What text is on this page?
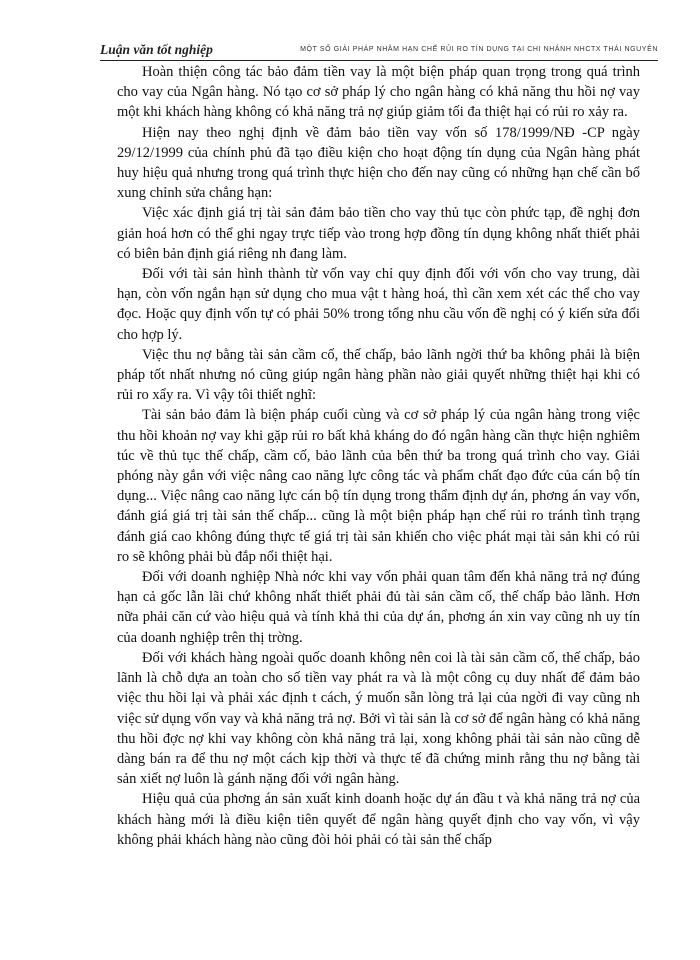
Luận văn tốt nghiệp	MỘT SỐ GIẢI PHÁP NHẰM HẠN CHẾ RỦI RO TÍN DỤNG TẠI CHI NHÁNH NHCTX THÁI NGUYÊN

Hoàn thiện công tác bảo đảm tiền vay là một biện pháp quan trọng trong quá trình cho vay của Ngân hàng. Nó tạo cơ sở pháp lý cho ngân hàng có khả năng thu hồi nợ vay một khi khách hàng không có khả năng trả nợ giúp giảm tối đa thiệt hại có rủi ro xảy ra.

Hiện nay theo nghị định về đảm bảo tiền vay vốn số 178/1999/NĐ -CP ngày 29/12/1999 của chính phủ đã tạo điều kiện cho hoạt động tín dụng của Ngân hàng phát huy hiệu quả nhưng trong quá trình thực hiện cho đến nay cũng có những hạn chế cần bổ xung chỉnh sửa chẳng hạn:

Việc xác định giá trị tài sản đảm bảo tiền cho vay thủ tục còn phức tạp, đề nghị đơn giản hoá hơn có thể ghi ngay trực tiếp vào trong hợp đồng tín dụng không nhất thiết phải có biên bản định giá riêng nh đang làm.

Đối với tài sản hình thành từ vốn vay chỉ quy định đối với vốn cho vay trung, dài hạn, còn vốn ngắn hạn sử dụng cho mua vật t hàng hoá, thì cần xem xét các thể cho vay đọc. Hoặc quy định vốn tự có phải 50% trong tổng nhu cầu vốn đề nghị có ý kiến sửa đổi cho hợp lý.

Việc thu nợ bằng tài sản cầm cố, thế chấp, bảo lãnh ngời thứ ba không phải là biện pháp tốt nhất nhưng nó cũng giúp ngân hàng phần nào giải quyết những thiệt hại khi có rủi ro xẩy ra. Vì vậy tôi thiết nghĩ:

Tài sản bảo đảm là biện pháp cuối cùng và cơ sở pháp lý của ngân hàng trong việc thu hồi khoản nợ vay khi gặp rủi ro bất khả kháng do đó ngân hàng cần thực hiện nghiêm túc về thủ tục thế chấp, cầm cố, bảo lãnh của bên thứ ba trong quá trình cho vay. Giải phóng này gắn với việc nâng cao năng lực công tác và phẩm chất đạo đức của cán bộ tín dụng... Việc nâng cao năng lực cán bộ tín dụng trong thẩm định dự án, phơng án vay vốn, đánh giá giá trị tài sản thế chấp... cũng là một biện pháp hạn chế rủi ro tránh tình trạng đánh giá cao không đúng thực tế giá trị tài sản khiến cho việc phát mại tài sản khi có rủi ro sẽ không phải bù đắp nổi thiệt hại.

Đối với doanh nghiệp Nhà nớc khi vay vốn phải quan tâm đến khả năng trả nợ đúng hạn cả gốc lẫn lãi chứ không nhất thiết phải đủ tài sản cầm cố, thế chấp bảo lãnh. Hơn nữa phải căn cứ vào hiệu quả và tính khả thi của dự án, phơng án xin vay cũng nh uy tín của doanh nghiệp trên thị trờng.

Đối với khách hàng ngoài quốc doanh không nên coi là tài sản cầm cố, thế chấp, bảo lãnh là chỗ dựa an toàn cho số tiền vay phát ra và là một công cụ duy nhất để đảm bảo việc thu hồi lại và phải xác định t cách, ý muốn sẵn lòng trả lại của ngời đi vay cũng nh việc sử dụng vốn vay và khả năng trả nợ. Bởi vì tài sản là cơ sở để ngân hàng có khả năng thu hồi đợc nợ khi vay không còn khả năng trả lại, xong không phải tài sản nào cũng dễ dàng bán ra để thu nợ một cách kịp thời và thực tế đã chứng minh rằng thu nợ bằng tài sản xiết nợ luôn là gánh nặng đối với ngân hàng.

Hiệu quả của phơng án sản xuất kinh doanh hoặc dự án đầu t và khả năng trả nợ của khách hàng mới là điều kiện tiên quyết để ngân hàng quyết định cho vay vốn, vì vậy không phải khách hàng nào cũng đòi hỏi phải có tài sản thế chấp
